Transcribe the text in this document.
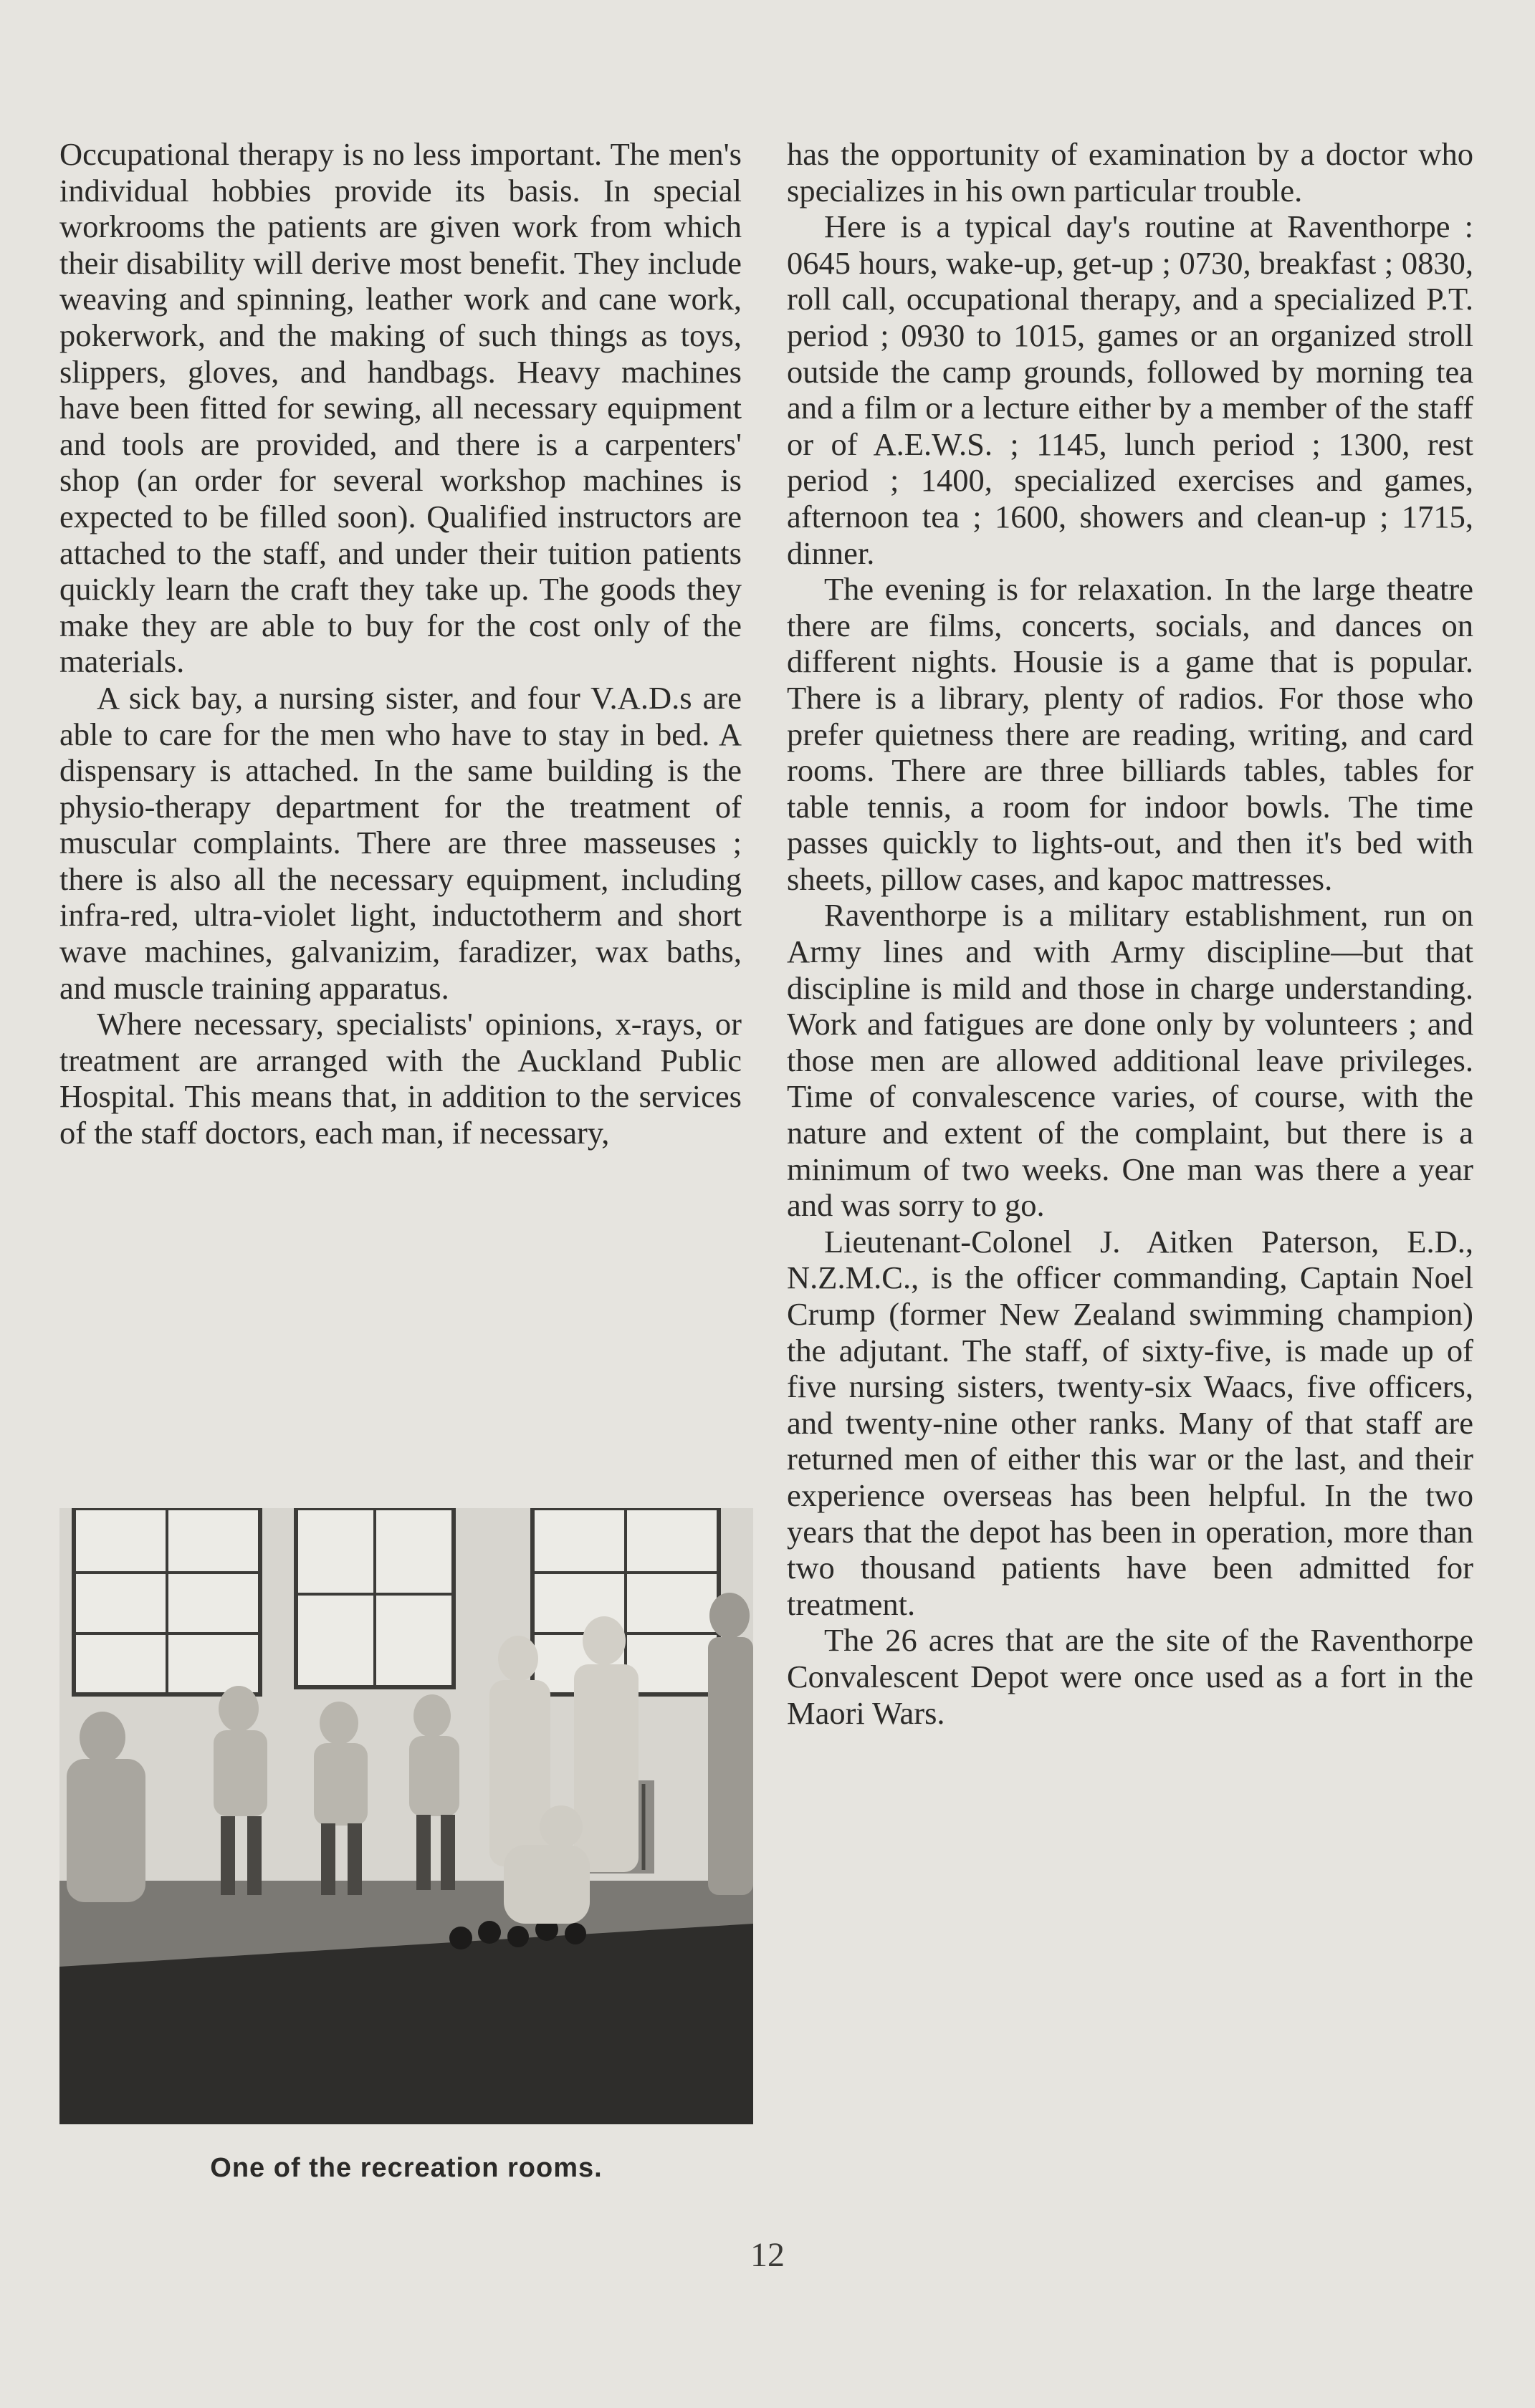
Occupational therapy is no less important. The men's individual hobbies provide its basis. In special workrooms the patients are given work from which their disability will derive most benefit. They include weaving and spinning, leather work and cane work, pokerwork, and the making of such things as toys, slippers, gloves, and handbags. Heavy machines have been fitted for sewing, all necessary equipment and tools are provided, and there is a carpenters' shop (an order for several workshop machines is expected to be filled soon). Qualified instructors are attached to the staff, and under their tuition patients quickly learn the craft they take up. The goods they make they are able to buy for the cost only of the materials.

A sick bay, a nursing sister, and four V.A.D.s are able to care for the men who have to stay in bed. A dispensary is attached. In the same building is the physio-therapy department for the treatment of muscular complaints. There are three masseuses ; there is also all the necessary equipment, including infra-red, ultra-violet light, inductotherm and short wave machines, galvanizim, faradizer, wax baths, and muscle training apparatus.

Where necessary, specialists' opinions, x-rays, or treatment are arranged with the Auckland Public Hospital. This means that, in addition to the services of the staff doctors, each man, if necessary,

has the opportunity of examination by a doctor who specializes in his own particular trouble.

Here is a typical day's routine at Raventhorpe : 0645 hours, wake-up, get-up ; 0730, breakfast ; 0830, roll call, occupational therapy, and a specialized P.T. period ; 0930 to 1015, games or an organized stroll outside the camp grounds, followed by morning tea and a film or a lecture either by a member of the staff or of A.E.W.S. ; 1145, lunch period ; 1300, rest period ; 1400, specialized exercises and games, afternoon tea ; 1600, showers and clean-up ; 1715, dinner.

The evening is for relaxation. In the large theatre there are films, concerts, socials, and dances on different nights. Housie is a game that is popular. There is a library, plenty of radios. For those who prefer quietness there are reading, writing, and card rooms. There are three billiards tables, tables for table tennis, a room for indoor bowls. The time passes quickly to lights-out, and then it's bed with sheets, pillow cases, and kapoc mattresses.

Raventhorpe is a military establishment, run on Army lines and with Army discipline—but that discipline is mild and those in charge understanding. Work and fatigues are done only by volunteers ; and those men are allowed additional leave privileges. Time of convalescence varies, of course, with the nature and extent of the complaint, but there is a minimum of two weeks. One man was there a year and was sorry to go.

Lieutenant-Colonel J. Aitken Paterson, E.D., N.Z.M.C., is the officer commanding, Captain Noel Crump (former New Zealand swimming champion) the adjutant. The staff, of sixty-five, is made up of five nursing sisters, twenty-six Waacs, five officers, and twenty-nine other ranks. Many of that staff are returned men of either this war or the last, and their experience overseas has been helpful. In the two years that the depot has been in operation, more than two thousand patients have been admitted for treatment.

The 26 acres that are the site of the Raventhorpe Convalescent Depot were once used as a fort in the Maori Wars.

One of the recreation rooms.
12
